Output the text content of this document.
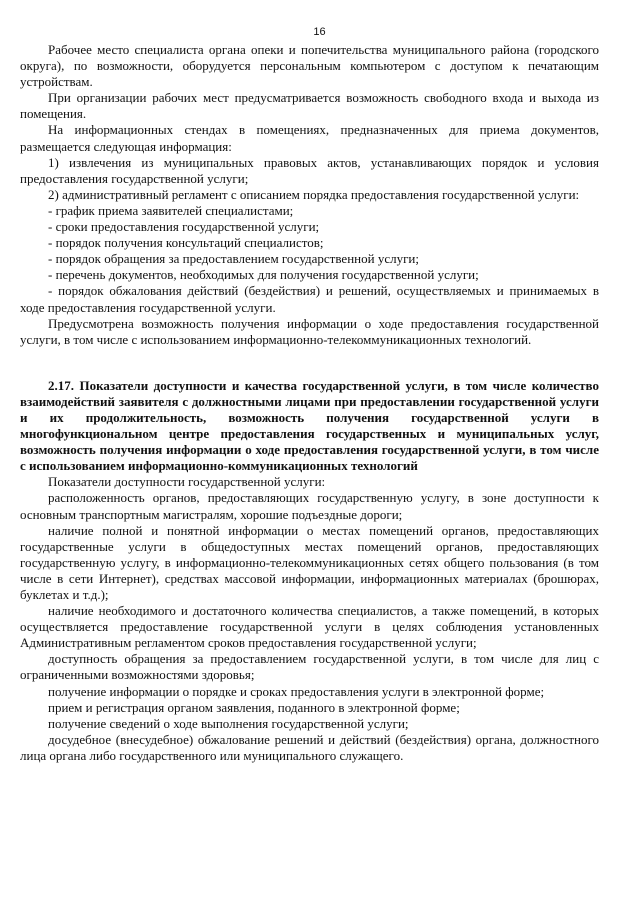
16

Рабочее место специалиста органа опеки и попечительства муниципального района (городского округа), по возможности, оборудуется персональным компьютером с доступом к печатающим устройствам.

При организации рабочих мест предусматривается возможность свободного входа и выхода из помещения.

На информационных стендах в помещениях, предназначенных для приема документов, размещается следующая информация:

1) извлечения из муниципальных правовых актов, устанавливающих порядок и условия предоставления государственной услуги;

2) административный регламент с описанием порядка предоставления государственной услуги:

- график приема заявителей специалистами;

- сроки предоставления государственной услуги;

- порядок получения консультаций специалистов;

- порядок обращения за предоставлением государственной услуги;

- перечень документов, необходимых для получения государственной услуги;

- порядок обжалования действий (бездействия) и решений, осуществляемых и принимаемых в ходе предоставления государственной услуги.

Предусмотрена возможность получения информации о ходе предоставления государственной услуги, в том числе с использованием информационно-телекоммуникационных технологий.

2.17. Показатели доступности и качества государственной услуги, в том числе количество взаимодействий заявителя с должностными лицами при предоставлении государственной услуги и их продолжительность, возможность получения государственной услуги в многофункциональном центре предоставления государственных и муниципальных услуг, возможность получения информации о ходе предоставления государственной услуги, в том числе с использованием информационно-коммуникационных технологий

Показатели доступности государственной услуги:

расположенность органов, предоставляющих государственную услугу, в зоне доступности к основным транспортным магистралям, хорошие подъездные дороги;

наличие полной и понятной информации о местах помещений органов, предоставляющих государственные услуги в общедоступных местах помещений органов, предоставляющих государственную услугу, в информационно-телекоммуникационных сетях общего пользования (в том числе в сети Интернет), средствах массовой информации, информационных материалах (брошюрах, буклетах и т.д.);

наличие необходимого и достаточного количества специалистов, а также помещений, в которых осуществляется предоставление государственной услуги в целях соблюдения установленных Административным регламентом сроков предоставления государственной услуги;

доступность обращения за предоставлением государственной услуги, в том числе для лиц с ограниченными возможностями здоровья;

получение информации о порядке и сроках предоставления услуги в электронной форме;

прием и регистрация органом заявления, поданного в электронной форме;

получение сведений о ходе выполнения государственной услуги;

досудебное (внесудебное) обжалование решений и действий (бездействия) органа, должностного лица органа либо государственного или муниципального служащего.
